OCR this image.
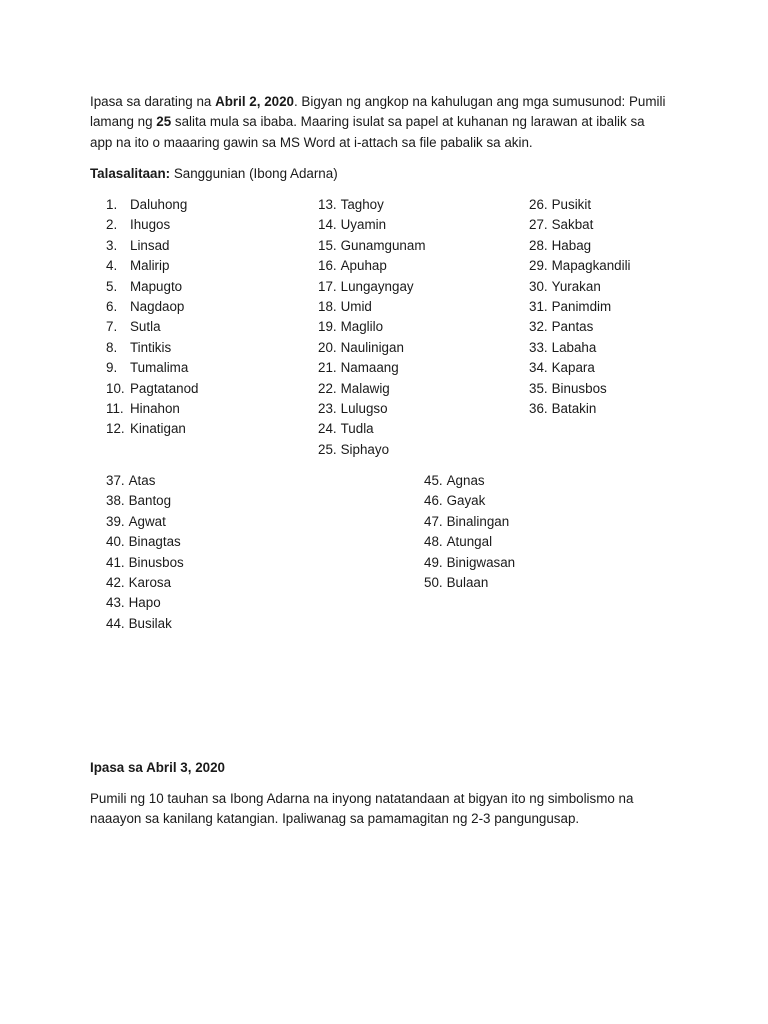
Ipasa sa darating na Abril 2, 2020. Bigyan ng angkop na kahulugan ang mga sumusunod: Pumili
lamang ng 25 salita mula sa ibaba. Maaring isulat sa papel at kuhanan ng larawan at ibalik sa
app na ito o maaaring gawin sa MS Word at i-attach sa file pabalik sa akin.

Talasalitaan: Sanggunian (Ibong Adarna)

1. Daluhong
2. Ihugos
3. Linsad
4. Malirip
5. Mapugto
6. Nagdaop
7. Sutla
8. Tintikis
9. Tumalima
10. Pagtatanod
11. Hinahon
12. Kinatigan
13. Taghoy
14. Uyamin
15. Gunamgunam
16. Apuhap
17. Lungayngay
18. Umid
19. Maglilo
20. Naulinigan
21. Namaang
22. Malawig
23. Lulugso
24. Tudla
25. Siphayo
26. Pusikit
27. Sakbat
28. Habag
29. Mapagkandili
30. Yurakan
31. Panimdim
32. Pantas
33. Labaha
34. Kapara
35. Binusbos
36. Batakin
37. Atas
38. Bantog
39. Agwat
40. Binagtas
41. Binusbos
42. Karosa
43. Hapo
44. Busilak
45. Agnas
46. Gayak
47. Binalingan
48. Atungal
49. Binigwasan
50. Bulaan

Ipasa sa Abril 3, 2020

Pumili ng 10 tauhan sa Ibong Adarna na inyong natatandaan at bigyan ito ng simbolismo na
naaayon sa kanilang katangian. Ipaliwanag sa pamamagitan ng 2-3 pangungusap.
